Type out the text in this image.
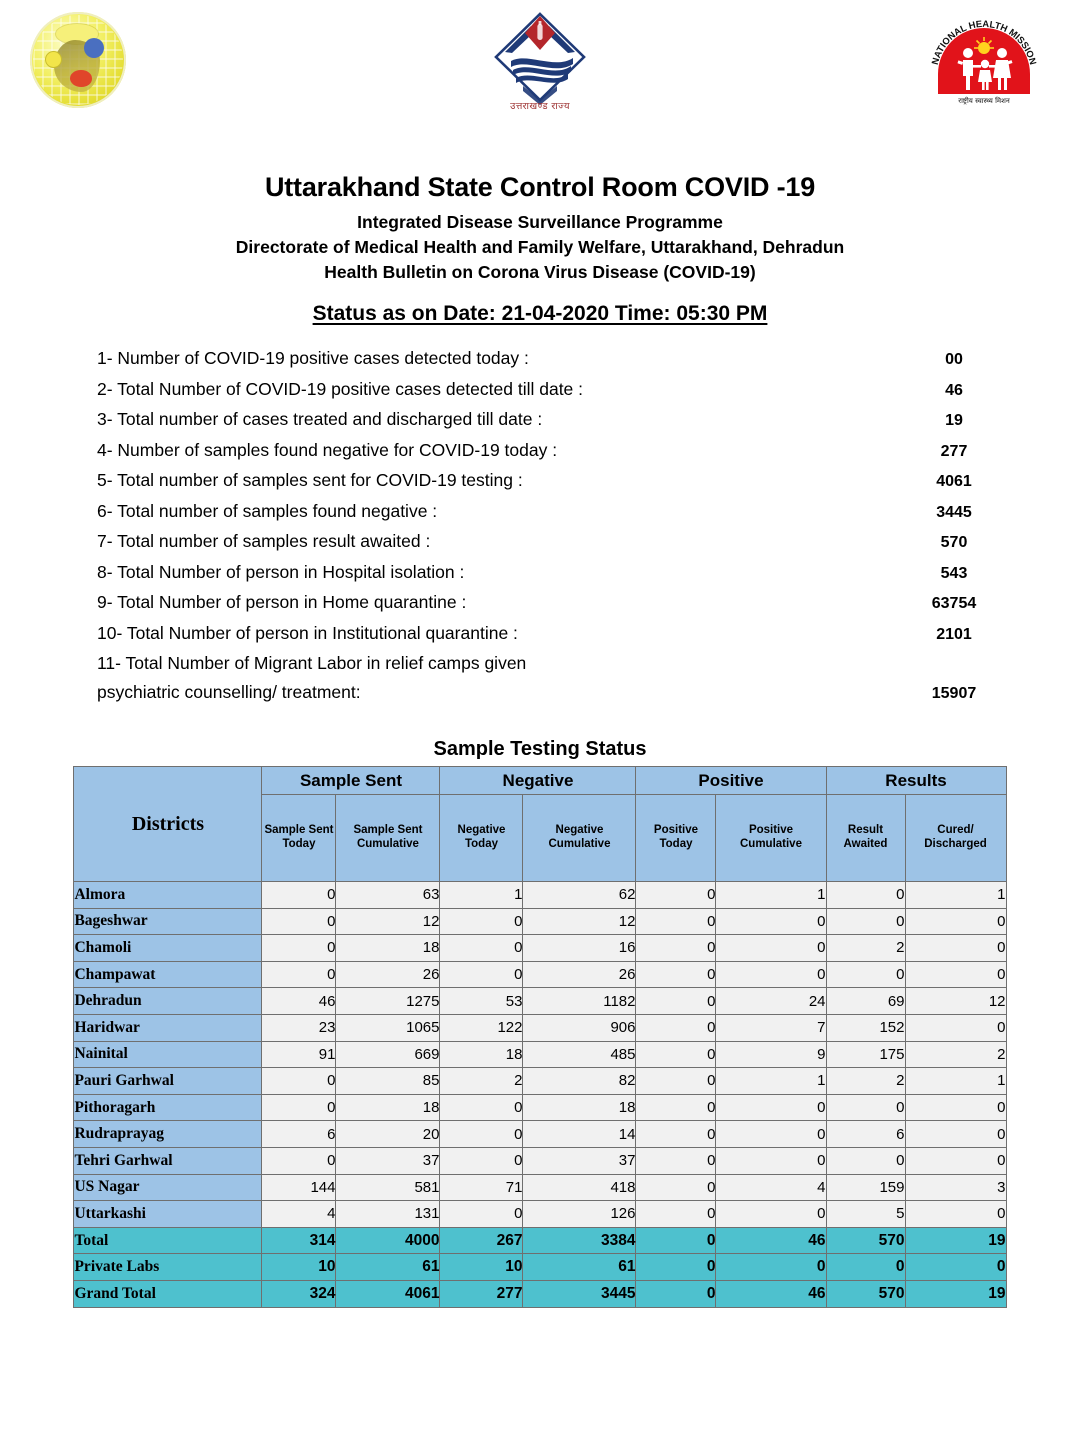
उत्तराखण्ड राज्य
NATIONAL HEALTH MISSION
राष्ट्रीय स्वास्थ्य मिशन
Uttarakhand State Control Room COVID -19
Integrated Disease Surveillance Programme
Directorate of Medical Health and Family Welfare, Uttarakhand, Dehradun
Health Bulletin on Corona Virus Disease (COVID-19)
Status as on Date: 21-04-2020 Time: 05:30 PM
1- Number of COVID-19 positive cases detected today :	00
2- Total Number of COVID-19 positive cases detected till date :	46
3- Total number of cases treated and discharged till date :	19
4- Number of samples found negative for COVID-19 today :	277
5- Total number of samples sent for COVID-19 testing :	4061
6- Total number of samples found negative :	3445
7- Total number of samples result awaited :	570
8- Total Number of person in Hospital isolation :	543
9- Total Number of person in Home quarantine :	63754
10- Total Number of person in Institutional quarantine :	2101
11- Total Number of Migrant Labor in relief camps given
psychiatric counselling/ treatment:	15907
Sample Testing Status
Districts	Sample Sent		Negative		Positive		Results	
	Sample Sent Today	Sample Sent Cumulative	Negative Today	Negative Cumulative	Positive Today	Positive Cumulative	Result Awaited	Cured/ Discharged
Almora	0	63	1	62	0	1	0	1
Bageshwar	0	12	0	12	0	0	0	0
Chamoli	0	18	0	16	0	0	2	0
Champawat	0	26	0	26	0	0	0	0
Dehradun	46	1275	53	1182	0	24	69	12
Haridwar	23	1065	122	906	0	7	152	0
Nainital	91	669	18	485	0	9	175	2
Pauri Garhwal	0	85	2	82	0	1	2	1
Pithoragarh	0	18	0	18	0	0	0	0
Rudraprayag	6	20	0	14	0	0	6	0
Tehri Garhwal	0	37	0	37	0	0	0	0
US Nagar	144	581	71	418	0	4	159	3
Uttarkashi	4	131	0	126	0	0	5	0
Total	314	4000	267	3384	0	46	570	19
Private Labs	10	61	10	61	0	0	0	0
Grand Total	324	4061	277	3445	0	46	570	19
